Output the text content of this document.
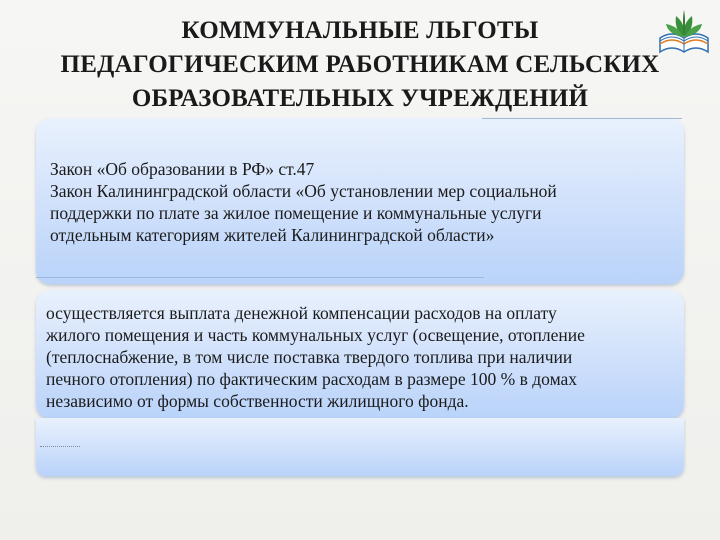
КОММУНАЛЬНЫЕ ЛЬГОТЫ
ПЕДАГОГИЧЕСКИМ РАБОТНИКАМ СЕЛЬСКИХ
ОБРАЗОВАТЕЛЬНЫХ УЧРЕЖДЕНИЙ
Закон «Об образовании в РФ» ст.47
Закон Калининградской области «Об установлении мер социальной
поддержки по плате за жилое помещение и коммунальные услуги
отдельным категориям жителей Калининградской области»
осуществляется выплата денежной компенсации расходов на оплату
жилого помещения и часть коммунальных услуг (освещение, отопление
(теплоснабжение, в том числе поставка твердого топлива при наличии
печного отопления) по фактическим расходам в размере 100 % в домах
независимо от формы собственности жилищного фонда.
